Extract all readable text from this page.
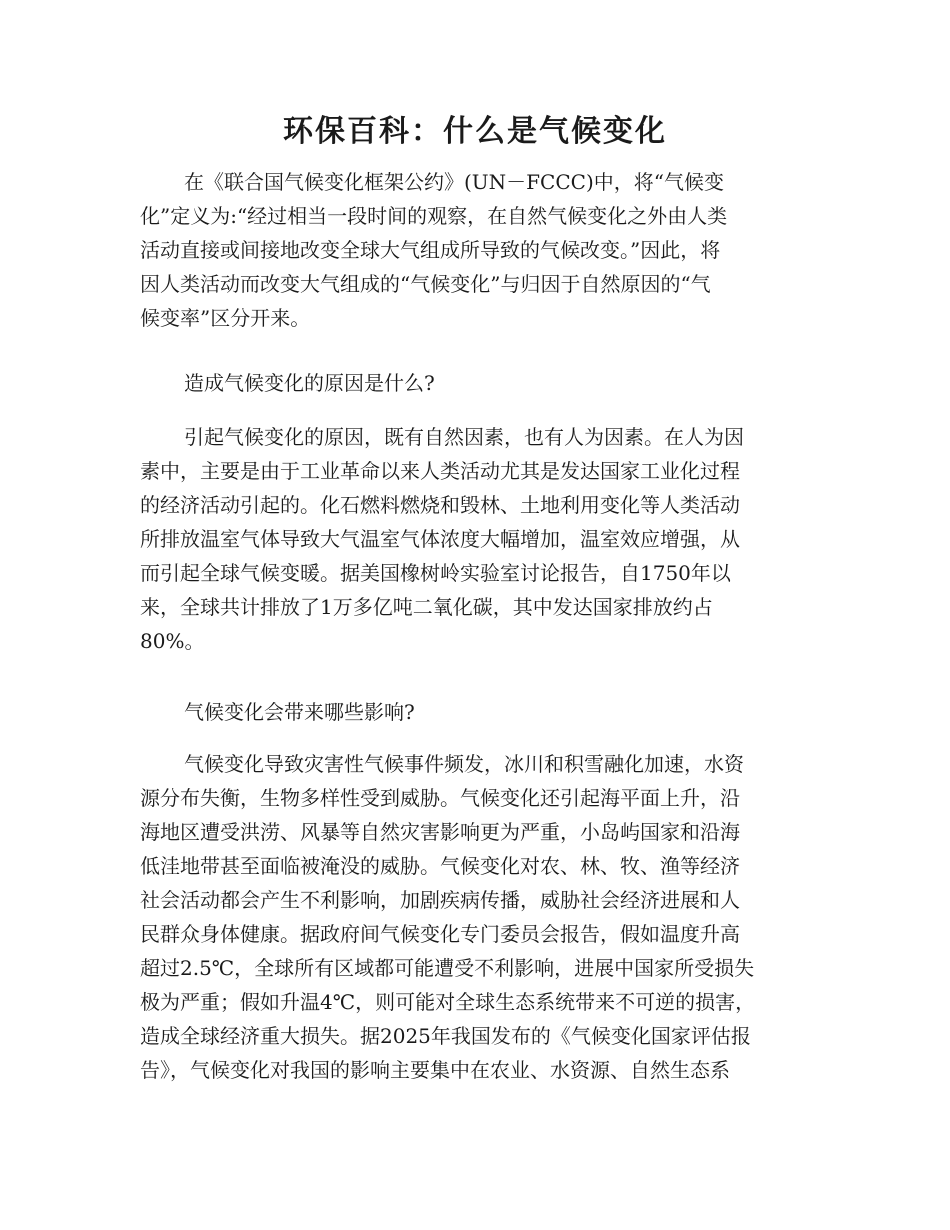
环保百科：什么是气候变化
在《联合国气候变化框架公约》(UN－FCCC)中，将“气候变
化”定义为:“经过相当一段时间的观察，在自然气候变化之外由人类
活动直接或间接地改变全球大气组成所导致的气候改变。”因此，将
因人类活动而改变大气组成的“气候变化”与归因于自然原因的“气
候变率”区分开来。
造成气候变化的原因是什么?
引起气候变化的原因，既有自然因素，也有人为因素。在人为因
素中，主要是由于工业革命以来人类活动尤其是发达国家工业化过程
的经济活动引起的。化石燃料燃烧和毁林、土地利用变化等人类活动
所排放温室气体导致大气温室气体浓度大幅增加，温室效应增强，从
而引起全球气候变暖。据美国橡树岭实验室讨论报告，自1750年以
来，全球共计排放了1万多亿吨二氧化碳，其中发达国家排放约占
80%。
气候变化会带来哪些影响?
气候变化导致灾害性气候事件频发，冰川和积雪融化加速，水资
源分布失衡，生物多样性受到威胁。气候变化还引起海平面上升，沿
海地区遭受洪涝、风暴等自然灾害影响更为严重，小岛屿国家和沿海
低洼地带甚至面临被淹没的威胁。气候变化对农、林、牧、渔等经济
社会活动都会产生不利影响，加剧疾病传播，威胁社会经济进展和人
民群众身体健康。据政府间气候变化专门委员会报告，假如温度升高
超过2.5℃，全球所有区域都可能遭受不利影响，进展中国家所受损失
极为严重；假如升温4℃，则可能对全球生态系统带来不可逆的损害，
造成全球经济重大损失。据2025年我国发布的《气候变化国家评估报
告》，气候变化对我国的影响主要集中在农业、水资源、自然生态系
